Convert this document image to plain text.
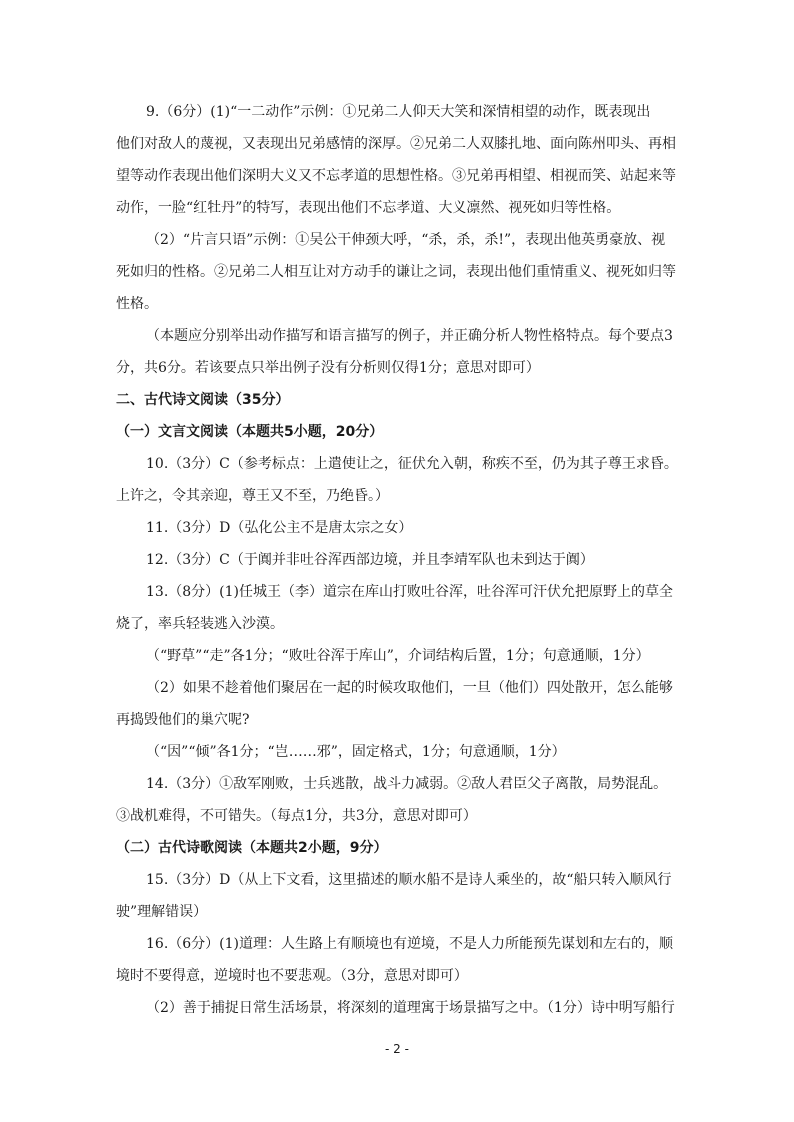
9.（6分）(1)“一二动作”示例：①兄弟二人仰天大笑和深情相望的动作，既表现出
他们对敌人的蔑视，又表现出兄弟感情的深厚。②兄弟二人双膝扎地、面向陈州叩头、再相
望等动作表现出他们深明大义又不忘孝道的思想性格。③兄弟再相望、相视而笑、站起来等
动作，一脸“红牡丹”的特写，表现出他们不忘孝道、大义凛然、视死如归等性格。
（2）“片言只语”示例：①吴公干伸颈大呼，“杀，杀，杀!”，表现出他英勇豪放、视
死如归的性格。②兄弟二人相互让对方动手的谦让之词，表现出他们重情重义、视死如归等
性格。
（本题应分别举出动作描写和语言描写的例子，并正确分析人物性格特点。每个要点3
分，共6分。若该要点只举出例子没有分析则仅得1分；意思对即可）
二、古代诗文阅读（35分）
（一）文言文阅读（本题共5小题，20分）
10.（3分）C（参考标点：上遣使让之，征伏允入朝，称疾不至，仍为其子尊王求昏。
上许之，令其亲迎，尊王又不至，乃绝昏。）
11.（3分）D（弘化公主不是唐太宗之女）
12.（3分）C（于阗并非吐谷浑西部边境，并且李靖军队也未到达于阗）
13.（8分）(1)任城王（李）道宗在库山打败吐谷浑，吐谷浑可汗伏允把原野上的草全
烧了，率兵轻装逃入沙漠。
（“野草”“走”各1分；“败吐谷浑于库山”，介词结构后置，1分；句意通顺，1分）
（2）如果不趁着他们聚居在一起的时候攻取他们，一旦（他们）四处散开，怎么能够
再捣毁他们的巢穴呢?
（“因”“倾”各1分；“岂……邪”，固定格式，1分；句意通顺，1分）
14.（3分）①敌军刚败，士兵逃散，战斗力减弱。②敌人君臣父子离散，局势混乱。
③战机难得，不可错失。（每点1分，共3分，意思对即可）
（二）古代诗歌阅读（本题共2小题，9分）
15.（3分）D（从上下文看，这里描述的顺水船不是诗人乘坐的，故“船只转入顺风行
驶”理解错误）
16.（6分）(1)道理：人生路上有顺境也有逆境，不是人力所能预先谋划和左右的，顺
境时不要得意，逆境时也不要悲观。（3分，意思对即可）
（2）善于捕捉日常生活场景，将深刻的道理寓于场景描写之中。（1分）诗中明写船行
- 2 -
